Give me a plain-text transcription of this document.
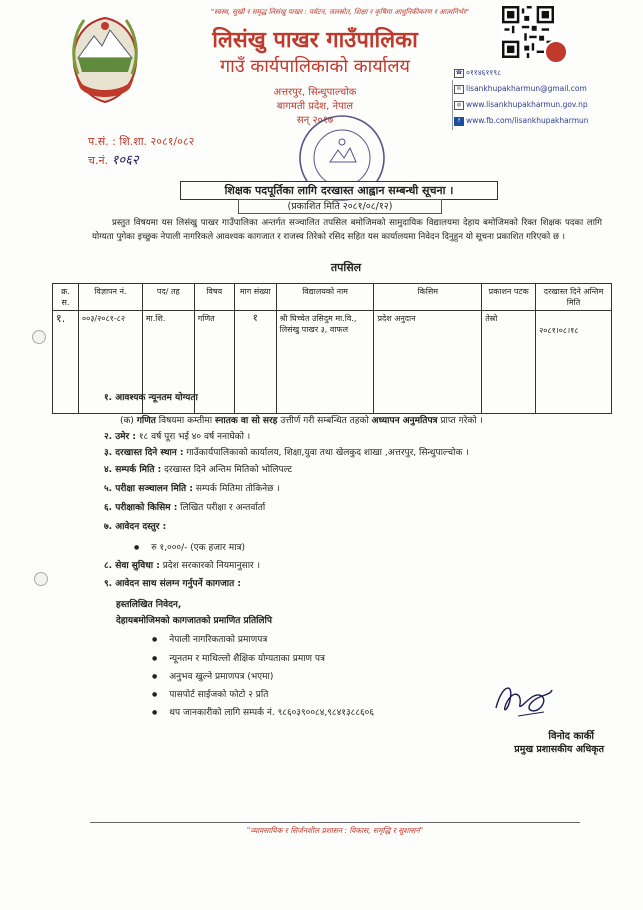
"स्वस्थ, सुखी र समृद्ध लिसंखु पाखर : पर्यटन, जलस्रोत, शिक्षा र कृषिमा आधुनिकीकरण र आत्मनिर्भर"
लिसंखु पाखर गाउँपालिका
गाउँ कार्यपालिकाको कार्यालय
अत्तरपुर, सिन्धुपाल्चोक
बागमती प्रदेश, नेपाल
सन् २०१७
☎ ०११४६११९८
✉ lisankhupakharmun@gmail.com
◍ www.lisankhupakharmun.gov.np
f www.fb.com/lisankhupakharmun
प.सं. : शि.शा. २०८१/०८२
च.नं. १०६२
शिक्षक पदपूर्तिका लागि दरखास्त आह्वान सम्बन्धी सूचना ।
(प्रकाशित मिति २०८१/०८/१२)
प्रस्तुत विषयमा यस लिसंखु पाखर गाउँपालिका अन्तर्गत सञ्चालित तपसिल बमोजिमको सामुदायिक विद्यालयमा देहाय बमोजिमको रिक्त शिक्षक पदका लागि योग्यता पुगेका इच्छुक नेपाली नागरिकले आवश्यक कागजात र राजस्व तिरेको रसिद सहित यस कार्यालयमा निवेदन दिनुहुन यो सूचना प्रकाशित गरिएको छ ।
तपसिल
क्र. स.	विज्ञापन नं.	पद/ तह	विषय	माग संख्या	विद्यालयको नाम	किसिम	प्रकाशन पटक	दरखास्त दिने अन्तिम मिति
१.	००३/२०८१-८२	मा.शि.	गणित	१	श्री घिच्चेत उसिदुम मा.वि., लिसंखु पाखर ३, वाफल	प्रदेश अनुदान	तेस्रो	२०८१।०८।१८
१. आवश्यक न्यूनतम योग्यता
(क) गणित विषयमा कम्तीमा स्नातक वा सो सरह उत्तीर्ण गरी सम्बन्धित तहको अध्यापन अनुमतिपत्र प्राप्त गरेको ।
२. उमेर : १८ वर्ष पूरा भई ४० वर्ष ननाघेको ।
३. दरखास्त दिने स्थान : गाउँकार्यपालिकाको कार्यालय, शिक्षा,युवा तथा खेलकुद शाखा ,अत्तरपुर, सिन्धुपाल्चोक ।
४. सम्पर्क मिति : दरखास्त दिने अन्तिम मितिको भोलिपल्ट
५. परीक्षा सञ्चालन मिति : सम्पर्क मितिमा तोकिनेछ ।
६. परीक्षाको किसिम : लिखित परीक्षा र अन्तर्वार्ता
७. आवेदन दस्तुर :
● रु १,०००/- (एक हजार मात्र)
८. सेवा सुविधा : प्रदेश सरकारको नियमानुसार ।
९. आवेदन साथ संलग्न गर्नुपर्ने कागजात :
हस्तलिखित निवेदन,
देहायबमोजिमको कागजातको प्रमाणित प्रतिलिपि
● नेपाली नागरिकताको प्रमाणपत्र
● न्यूनतम र माथिल्लो शैक्षिक योग्यताका प्रमाण पत्र
● अनुभव खुल्ने प्रमाणपत्र (भएमा)
● पासपोर्ट साईजको फोटो २ प्रति
● थप जानकारीको लागि सम्पर्क नं. ९८६०३९००८४,९८४१३८८६०६
विनोद कार्की
प्रमुख प्रशासकीय अधिकृत
"व्यावसायिक र सिर्जनशील प्रशासन : विकास, समृद्धि र सुशासन"
